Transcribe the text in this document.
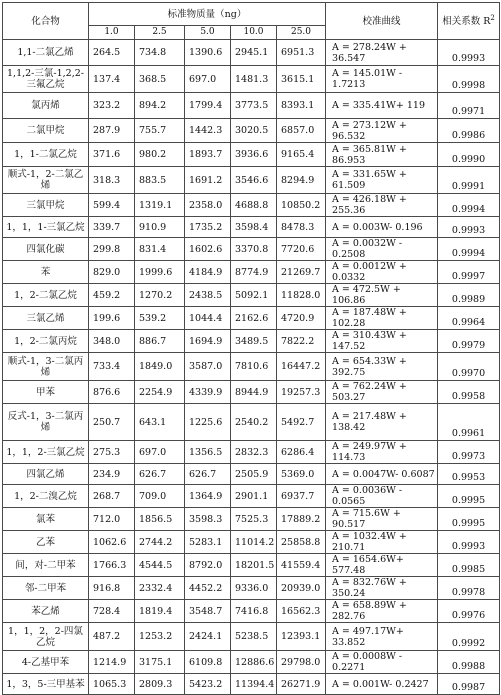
化合物	标准物质量（ng）					校准曲线	相关系数 $R^2$
	1.0	2.5	5.0	10.0	25.0		
1,1-二氯乙烯	264.5	734.8	1390.6	2945.1	6951.3	A = 278.24W + 36.547	0.9993
1,1,2-三氯-1,2,2-三氟乙烷	137.4	368.5	697.0	1481.3	3615.1	A = 145.01W - 1.7213	0.9998
氯丙烯	323.2	894.2	1799.4	3773.5	8393.1	A = 335.41W+ 119	0.9971
二氯甲烷	287.9	755.7	1442.3	3020.5	6857.0	A = 273.12W + 96.532	0.9986
1，1-二氯乙烷	371.6	980.2	1893.7	3936.6	9165.4	A = 365.81W + 86.953	0.9990
顺式-1，2-二氯乙烯	318.3	883.5	1691.2	3546.6	8294.9	A = 331.65W + 61.509	0.9991
三氯甲烷	599.4	1319.1	2358.0	4688.8	10850.2	A = 426.18W + 255.36	0.9994
1，1，1-三氯乙烷	339.7	910.9	1735.2	3598.4	8478.3	A = 0.003W- 0.196	0.9993
四氯化碳	299.8	831.4	1602.6	3370.8	7720.6	A = 0.0032W - 0.2508	0.9994
苯	829.0	1999.6	4184.9	8774.9	21269.7	A = 0.0012W + 0.0332	0.9997
1，2-二氯乙烷	459.2	1270.2	2438.5	5092.1	11828.0	A = 472.5W + 106.86	0.9989
三氯乙烯	199.6	539.2	1044.4	2162.6	4720.9	A = 187.48W + 102.28	0.9964
1，2-二氯丙烷	348.0	886.7	1694.9	3489.5	7822.2	A = 310.43W + 147.52	0.9979
顺式-1，3-二氯丙烯	733.4	1849.0	3587.0	7810.6	16447.2	A = 654.33W + 392.75	0.9970
甲苯	876.6	2254.9	4339.9	8944.9	19257.3	A = 762.24W + 503.27	0.9958
反式-1，3-二氯丙烯	250.7	643.1	1225.6	2540.2	5492.7	A = 217.48W + 138.42	0.9961
1，1，2-三氯乙烷	275.3	697.0	1356.5	2832.3	6286.4	A = 249.97W + 114.73	0.9973
四氯乙烯	234.9	626.7	626.7	2505.9	5369.0	A = 0.0047W- 0.6087	0.9953
1，2-二溴乙烷	268.7	709.0	1364.9	2901.1	6937.7	A = 0.0036W - 0.0565	0.9995
氯苯	712.0	1856.5	3598.3	7525.3	17889.2	A = 715.6W + 90.517	0.9995
乙苯	1062.6	2744.2	5283.1	11014.2	25858.8	A = 1032.4W + 210.71	0.9993
间，对-二甲苯	1766.3	4544.5	8792.0	18201.5	41559.4	A = 1654.6W+ 577.48	0.9985
邻-二甲苯	916.8	2332.4	4452.2	9336.0	20939.0	A = 832.76W + 350.24	0.9978
苯乙烯	728.4	1819.4	3548.7	7416.8	16562.3	A = 658.89W + 282.76	0.9976
1，1，2，2-四氯乙烷	487.2	1253.2	2424.1	5238.5	12393.1	A = 497.17W+ 33.852	0.9992
4-乙基甲苯	1214.9	3175.1	6109.8	12886.6	29798.0	A = 0.0008W - 0.2271	0.9988
1，3，5-三甲基苯	1065.3	2809.3	5423.2	11394.4	26271.9	A = 0.001W- 0.2427	0.9987
